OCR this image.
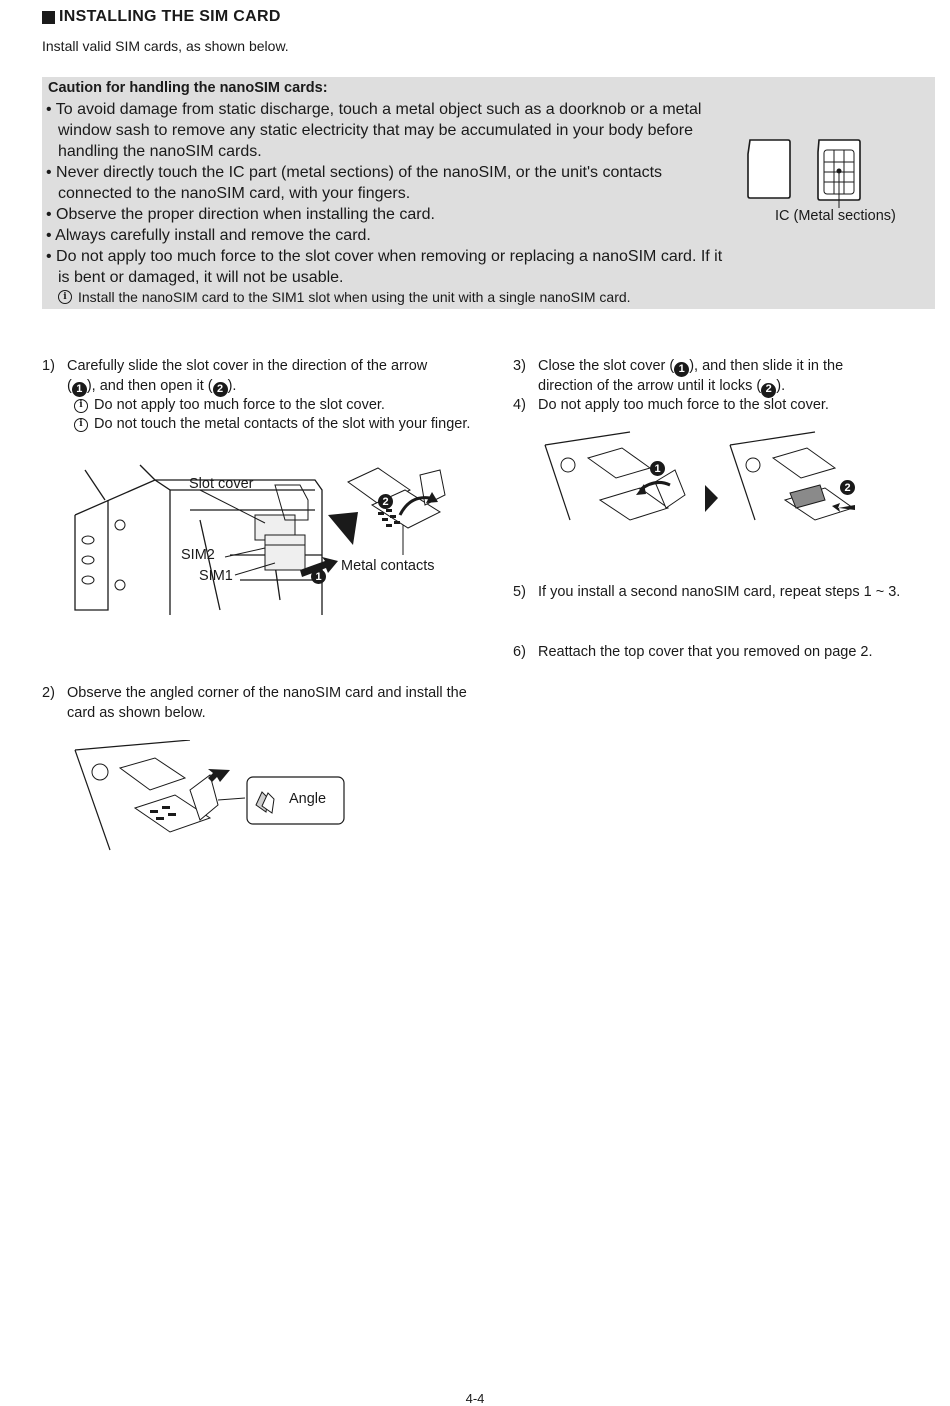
INSTALLING THE SIM CARD
Install valid SIM cards, as shown below.
Caution for handling the nanoSIM cards:
• To avoid damage from static discharge, touch a metal object such as a doorknob or a metal window sash to remove any static electricity that may be accumulated in your body before handling the nanoSIM cards.
• Never directly touch the IC part (metal sections) of the nanoSIM, or the unit's contacts connected to the nanoSIM card, with your fingers.
• Observe the proper direction when installing the card.
• Always carefully install and remove the card.
• Do not apply too much force to the slot cover when removing or replacing a nanoSIM card. If it is bent or damaged, it will not be usable.
i Install the nanoSIM card to the SIM1 slot when using the unit with a single nanoSIM card.
IC (Metal sections)
1) Carefully slide the slot cover in the direction of the arrow
( 1 ), and then open it ( 2 ).
i Do not apply too much force to the slot cover.
i Do not touch the metal contacts of the slot with your finger.
Slot cover
SIM2
SIM1
Metal contacts
1
2
2) Observe the angled corner of the nanoSIM card and install the card as shown below.
Angle
3) Close the slot cover ( 1 ), and then slide it in the
direction of the arrow until it locks ( 2 ).
4) Do not apply too much force to the slot cover.
1
2
5) If you install a second nanoSIM card, repeat steps 1 ~ 3.
6) Reattach the top cover that you removed on page 2.
4-4
